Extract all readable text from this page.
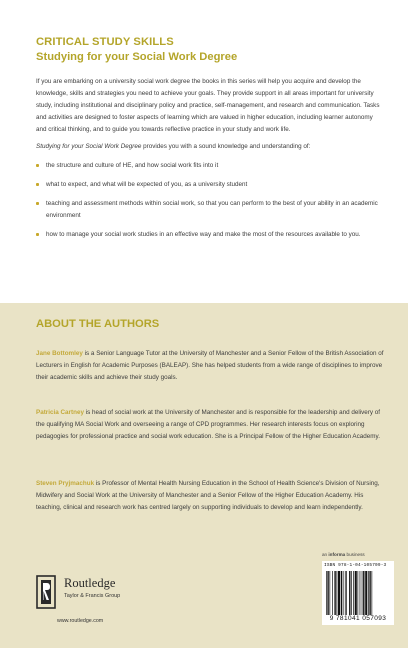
CRITICAL STUDY SKILLS
Studying for your Social Work Degree
If you are embarking on a university social work degree the books in this series will help you acquire and develop the knowledge, skills and strategies you need to achieve your goals. They provide support in all areas important for university study, including institutional and disciplinary policy and practice, self-management, and research and communication. Tasks and activities are designed to foster aspects of learning which are valued in higher education, including learner autonomy and critical thinking, and to guide you towards reflective practice in your study and work life.
Studying for your Social Work Degree provides you with a sound knowledge and understanding of:
the structure and culture of HE, and how social work fits into it
what to expect, and what will be expected of you, as a university student
teaching and assessment methods within social work, so that you can perform to the best of your ability in an academic environment
how to manage your social work studies in an effective way and make the most of the resources available to you.
ABOUT THE AUTHORS
Jane Bottomley is a Senior Language Tutor at the University of Manchester and a Senior Fellow of the British Association of Lecturers in English for Academic Purposes (BALEAP). She has helped students from a wide range of disciplines to improve their academic skills and achieve their study goals.
Patricia Cartney is head of social work at the University of Manchester and is responsible for the leadership and delivery of the qualifying MA Social Work and overseeing a range of CPD programmes. Her research interests focus on exploring pedagogies for professional practice and social work education. She is a Principal Fellow of the Higher Education Academy.
Steven Pryjmachuk is Professor of Mental Health Nursing Education in the School of Health Science's Division of Nursing, Midwifery and Social Work at the University of Manchester and a Senior Fellow of the Higher Education Academy. His teaching, clinical and research work has centred largely on supporting individuals to develop and learn independently.
an informa business
ISBN 978-1-04-105709-3
9 781041 057093
Routledge
Taylor & Francis Group
www.routledge.com
